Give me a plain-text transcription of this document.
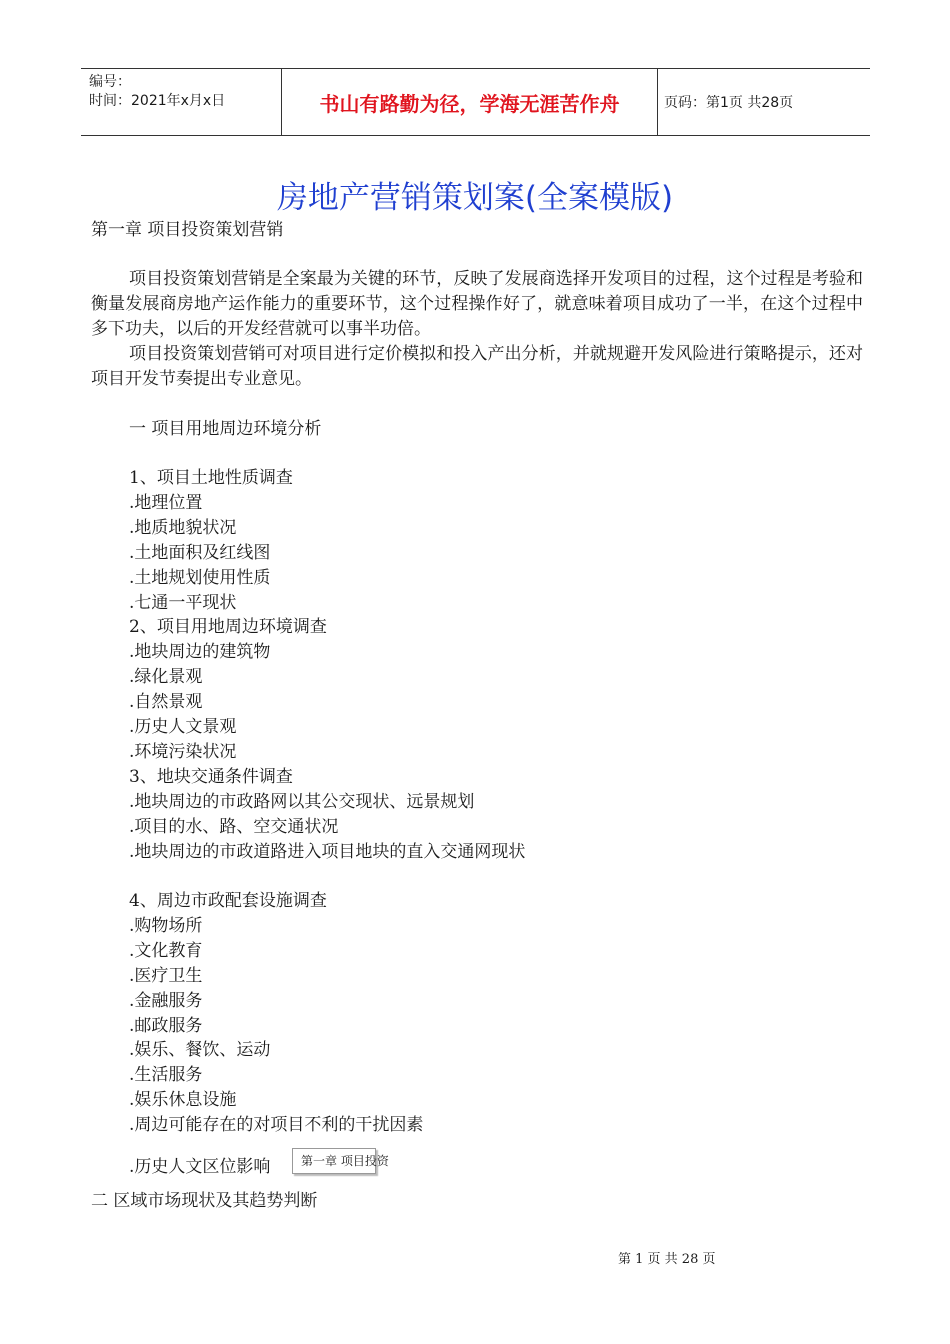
编号：
时间：2021年x月x日	书山有路勤为径，学海无涯苦作舟	页码：第1页 共28页
房地产营销策划案(全案模版)
第一章 项目投资策划营销
项目投资策划营销是全案最为关键的环节，反映了发展商选择开发项目的过程，这个过程是考验和衡量发展商房地产运作能力的重要环节，这个过程操作好了，就意味着项目成功了一半，在这个过程中多下功夫，以后的开发经营就可以事半功倍。
项目投资策划营销可对项目进行定价模拟和投入产出分析，并就规避开发风险进行策略提示，还对项目开发节奏提出专业意见。
一 项目用地周边环境分析
1、项目土地性质调查
.地理位置
.地质地貌状况
.土地面积及红线图
.土地规划使用性质
.七通一平现状
2、项目用地周边环境调查
.地块周边的建筑物
.绿化景观
.自然景观
.历史人文景观
.环境污染状况
3、地块交通条件调查
.地块周边的市政路网以其公交现状、远景规划
.项目的水、路、空交通状况
.地块周边的市政道路进入项目地块的直入交通网现状
4、周边市政配套设施调查
.购物场所
.文化教育
.医疗卫生
.金融服务
.邮政服务
.娱乐、餐饮、运动
.生活服务
.娱乐休息设施
.周边可能存在的对项目不利的干扰因素
.历史人文区位影响	第一章 项目投资
二 区域市场现状及其趋势判断
第 1 页 共 28 页
